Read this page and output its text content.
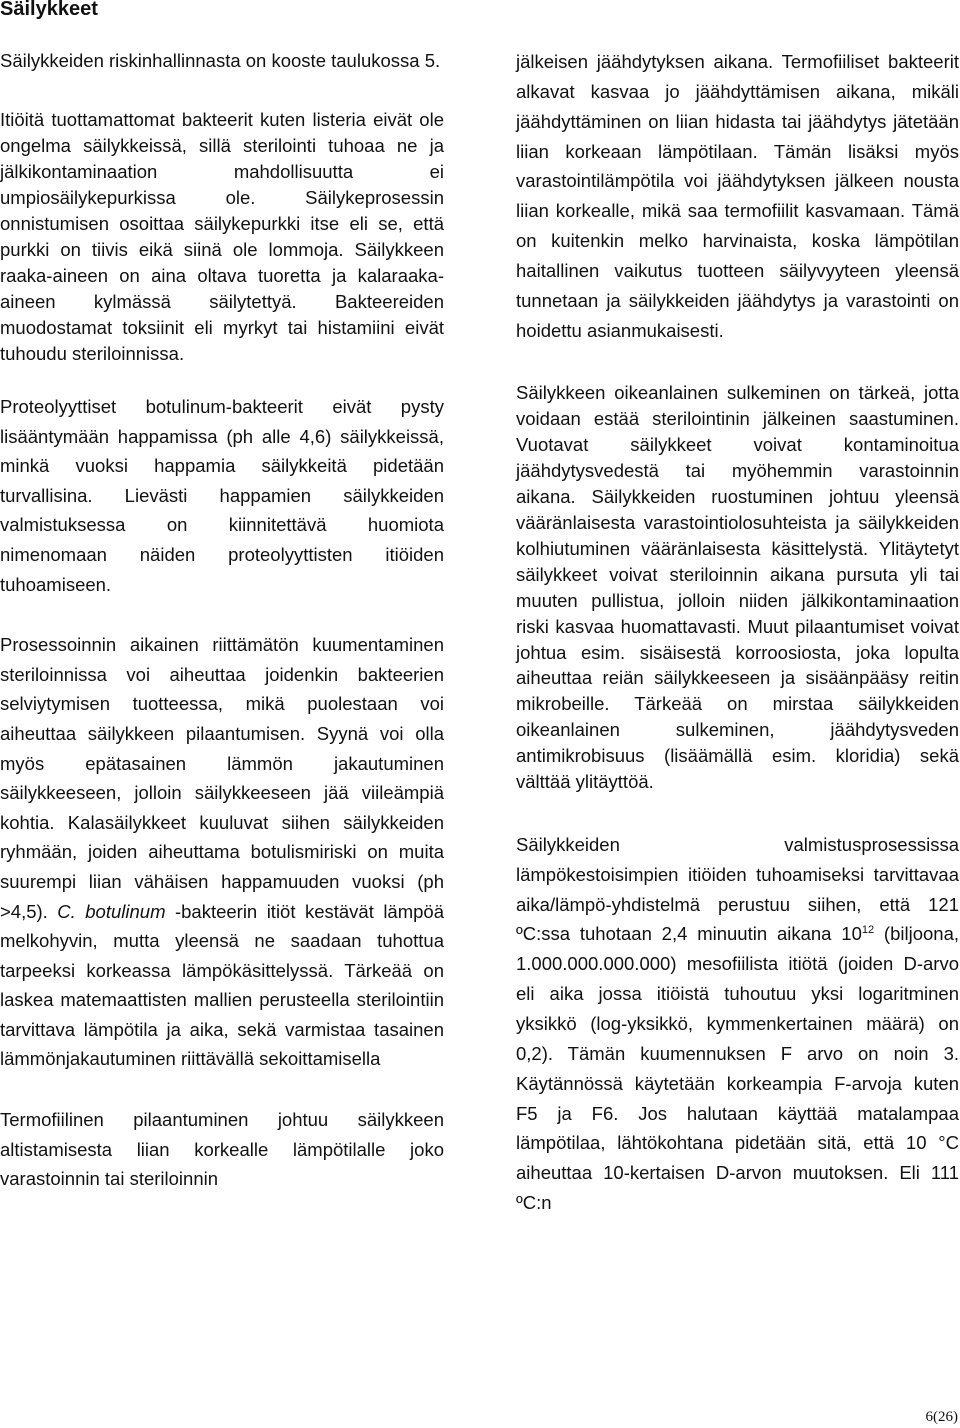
Säilykkeet

Säilykkeiden riskinhallinnasta on kooste taulukossa 5.

Itiöitä tuottamattomat bakteerit kuten listeria eivät ole ongelma säilykkeissä, sillä sterilointi tuhoaa ne ja jälkikontaminaation mahdollisuutta ei umpiosäilykepurkissa ole. Säilykeprosessin onnistumisen osoittaa säilykepurkki itse eli se, että purkki on tiivis eikä siinä ole lommoja. Säilykkeen raaka-aineen on aina oltava tuoretta ja kalaraaka-aineen kylmässä säilytettyä. Bakteereiden muodostamat toksiinit eli myrkyt tai histamiini eivät tuhoudu steriloinnissa.

Proteolyyttiset botulinum-bakteerit eivät pysty lisääntymään happamissa (ph alle 4,6) säilykkeissä, minkä vuoksi happamia säilykkeitä pidetään turvallisina. Lievästi happamien säilykkeiden valmistuksessa on kiinnitettävä huomiota nimenomaan näiden proteolyyttisten itiöiden tuhoamiseen.

Prosessoinnin aikainen riittämätön kuumentaminen steriloinnissa voi aiheuttaa joidenkin bakteerien selviytymisen tuotteessa, mikä puolestaan voi aiheuttaa säilykkeen pilaantumisen. Syynä voi olla myös epätasainen lämmön jakautuminen säilykkeeseen, jolloin säilykkeeseen jää viileämpiä kohtia. Kalasäilykkeet kuuluvat siihen säilykkeiden ryhmään, joiden aiheuttama botulismiriski on muita suurempi liian vähäisen happamuuden vuoksi (ph >4,5). C. botulinum -bakteerin itiöt kestävät lämpöä melkohyvin, mutta yleensä ne saadaan tuhottua tarpeeksi korkeassa lämpökäsittelyssä. Tärkeää on laskea matemaattisten mallien perusteella sterilointiin tarvittava lämpötila ja aika, sekä varmistaa tasainen lämmönjakautuminen riittävällä sekoittamisella

Termofiilinen pilaantuminen johtuu säilykkeen altistamisesta liian korkealle lämpötilalle joko varastoinnin tai steriloinnin

jälkeisen jäähdytyksen aikana. Termofiiliset bakteerit alkavat kasvaa jo jäähdyttämisen aikana, mikäli jäähdyttäminen on liian hidasta tai jäähdytys jätetään liian korkeaan lämpötilaan. Tämän lisäksi myös varastointilämpötila voi jäähdytyksen jälkeen nousta liian korkealle, mikä saa termofiilit kasvamaan. Tämä on kuitenkin melko harvinaista, koska lämpötilan haitallinen vaikutus tuotteen säilyvyyteen yleensä tunnetaan ja säilykkeiden jäähdytys ja varastointi on hoidettu asianmukaisesti.

Säilykkeen oikeanlainen sulkeminen on tärkeä, jotta voidaan estää sterilointinin jälkeinen saastuminen. Vuotavat säilykkeet voivat kontaminoitua jäähdytysvedestä tai myöhemmin varastoinnin aikana. Säilykkeiden ruostuminen johtuu yleensä vääränlaisesta varastointiolosuhteista ja säilykkeiden kolhiutuminen vääränlaisesta käsittelystä. Ylitäytetyt säilykkeet voivat steriloinnin aikana pursuta yli tai muuten pullistua, jolloin niiden jälkikontaminaation riski kasvaa huomattavasti. Muut pilaantumiset voivat johtua esim. sisäisestä korroosiosta, joka lopulta aiheuttaa reiän säilykkeeseen ja sisäänpääsy reitin mikrobeille. Tärkeää on mirstaa säilykkeiden oikeanlainen sulkeminen, jäähdytysveden antimikrobisuus (lisäämällä esim. kloridia) sekä välttää ylitäyttöä.

Säilykkeiden valmistusprosessissa lämpökestoisimpien itiöiden tuhoamiseksi tarvittavaa aika/lämpö-yhdistelmä perustuu siihen, että 121 ºC:ssa tuhotaan 2,4 minuutin aikana $10^{12}$ (biljoona, 1.000.000.000.000) mesofiilista itiötä (joiden D-arvo eli aika jossa itiöistä tuhoutuu yksi logaritminen yksikkö (log-yksikkö, kymmenkertainen määrä) on 0,2). Tämän kuumennuksen F arvo on noin 3. Käytännössä käytetään korkeampia F-arvoja kuten F5 ja F6. Jos halutaan käyttää matalampaa lämpötilaa, lähtökohtana pidetään sitä, että 10 °C aiheuttaa 10-kertaisen D-arvon muutoksen. Eli 111 ºC:n

6(26)
